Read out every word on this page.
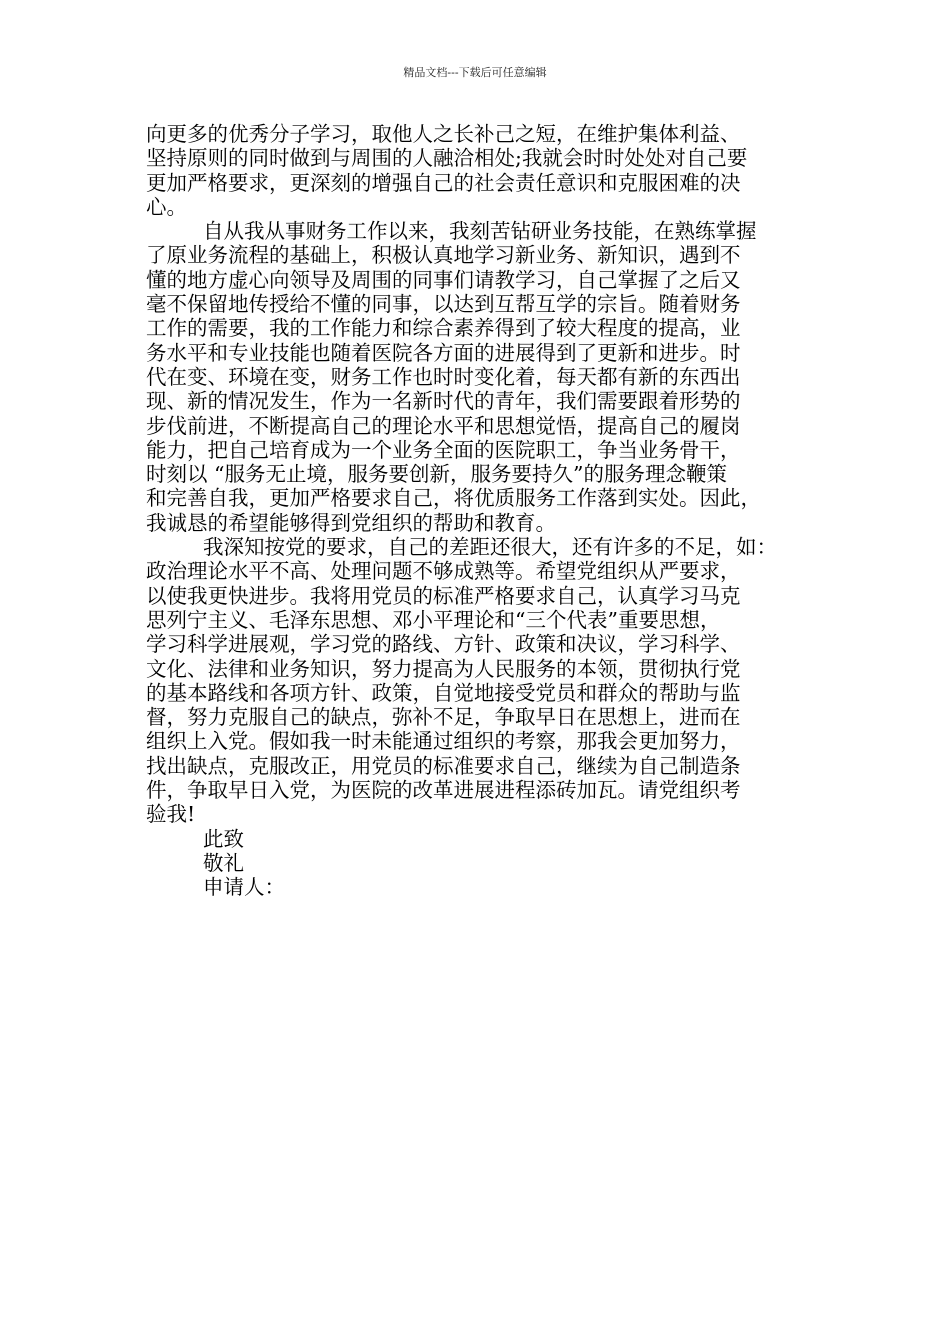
精品文档---下载后可任意编辑
向更多的优秀分子学习，取他人之长补己之短，在维护集体利益、
坚持原则的同时做到与周围的人融洽相处;我就会时时处处对自己要
更加严格要求，更深刻的增强自己的社会责任意识和克服困难的决
心。
自从我从事财务工作以来，我刻苦钻研业务技能，在熟练掌握
了原业务流程的基础上，积极认真地学习新业务、新知识，遇到不
懂的地方虚心向领导及周围的同事们请教学习，自己掌握了之后又
毫不保留地传授给不懂的同事，以达到互帮互学的宗旨。随着财务
工作的需要，我的工作能力和综合素养得到了较大程度的提高，业
务水平和专业技能也随着医院各方面的进展得到了更新和进步。时
代在变、环境在变，财务工作也时时变化着，每天都有新的东西出
现、新的情况发生，作为一名新时代的青年，我们需要跟着形势的
步伐前进，不断提高自己的理论水平和思想觉悟，提高自己的履岗
能力，把自己培育成为一个业务全面的医院职工，争当业务骨干，
时刻以 “服务无止境，服务要创新，服务要持久”的服务理念鞭策
和完善自我，更加严格要求自己，将优质服务工作落到实处。因此，
我诚恳的希望能够得到党组织的帮助和教育。
我深知按党的要求，自己的差距还很大，还有许多的不足，如：
政治理论水平不高、处理问题不够成熟等。希望党组织从严要求，
以使我更快进步。我将用党员的标准严格要求自己，认真学习马克
思列宁主义、毛泽东思想、邓小平理论和“三个代表”重要思想，
学习科学进展观，学习党的路线、方针、政策和决议，学习科学、
文化、法律和业务知识，努力提高为人民服务的本领，贯彻执行党
的基本路线和各项方针、政策，自觉地接受党员和群众的帮助与监
督，努力克服自己的缺点，弥补不足，争取早日在思想上，进而在
组织上入党。假如我一时未能通过组织的考察，那我会更加努力，
找出缺点，克服改正，用党员的标准要求自己，继续为自己制造条
件，争取早日入党，为医院的改革进展进程添砖加瓦。请党组织考
验我!
此致
敬礼
申请人：
